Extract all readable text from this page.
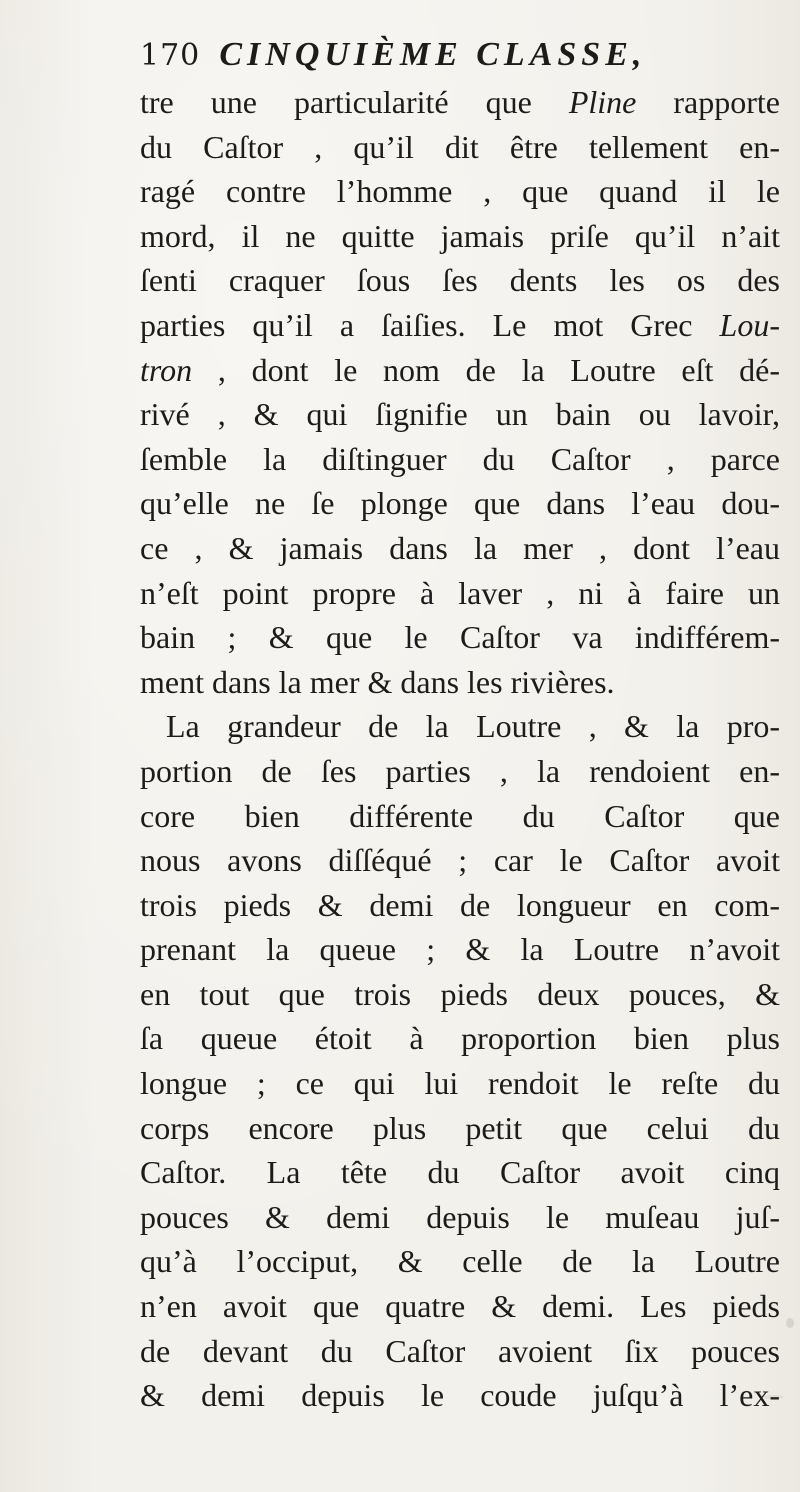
170 CINQUIÈME CLASSE,
tre une particularité que Pline rapporte
du Caſtor , qu’il dit être tellement en-
ragé contre l’homme , que quand il le
mord, il ne quitte jamais priſe qu’il n’ait
ſenti craquer ſous ſes dents les os des
parties qu’il a ſaiſies. Le mot Grec Lou-
tron , dont le nom de la Loutre eſt dé-
rivé , & qui ſignifie un bain ou lavoir,
ſemble la diſtinguer du Caſtor , parce
qu’elle ne ſe plonge que dans l’eau dou-
ce , & jamais dans la mer , dont l’eau
n’eſt point propre à laver , ni à faire un
bain ; & que le Caſtor va indifférem-
ment dans la mer & dans les rivières.
La grandeur de la Loutre , & la pro-
portion de ſes parties , la rendoient en-
core bien différente du Caſtor que
nous avons diſſéqué ; car le Caſtor avoit
trois pieds & demi de longueur en com-
prenant la queue ; & la Loutre n’avoit
en tout que trois pieds deux pouces, &
ſa queue étoit à proportion bien plus
longue ; ce qui lui rendoit le reſte du
corps encore plus petit que celui du
Caſtor. La tête du Caſtor avoit cinq
pouces & demi depuis le muſeau juſ-
qu’à l’occiput, & celle de la Loutre
n’en avoit que quatre & demi. Les pieds
de devant du Caſtor avoient ſix pouces
& demi depuis le coude juſqu’à l’ex-
